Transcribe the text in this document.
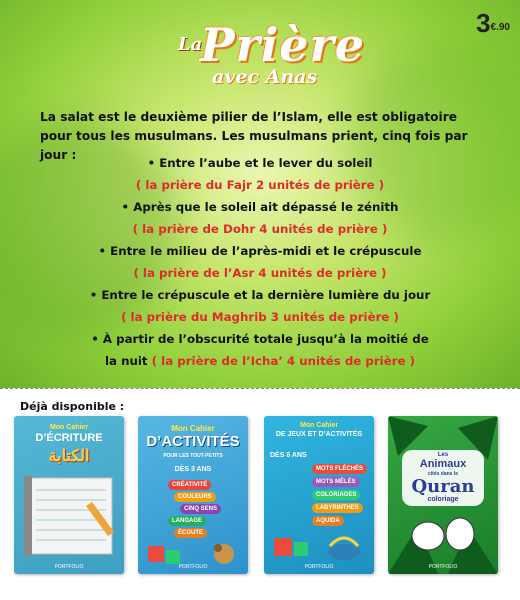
3€.90
La
Prière
avec Anas
La salat est le deuxième pilier de l’Islam, elle est obligatoire pour tous les musulmans. Les musulmans prient, cinq fois par jour :
• Entre l’aube et le lever du soleil
( la prière du Fajr 2 unités de prière )
• Après que le soleil ait dépassé le zénith
( la prière de Dohr 4 unités de prière )
• Entre le milieu de l’après-midi et le crépuscule
( la prière de l’Asr 4 unités de prière )
• Entre le crépuscule et la dernière lumière du jour
( la prière du Maghrib 3 unités de prière )
• À partir de l’obscurité totale jusqu’à la moitié de
la nuit ( la prière de l’Icha’ 4 unités de prière )
Déjà disponible :
Mon Cahier
D’ÉCRITURE
الكتابة
PORTFOLIO
Mon Cahier
D’ACTIVITÉS
POUR LES TOUT-PETITS
DÈS 3 ANS
CRÉATIVITÉ
COULEURS
CINQ SENS
LANGAGE
ÉCOUTE
PORTFOLIO
Mon Cahier
DE JEUX ET D’ACTIVITÉS
DÈS 6 ANS
MOTS FLÉCHÉS
MOTS MÊLÉS
COLORIAGES
LABYRINTHES
AQUIDA
PORTFOLIO
Les
Animaux
cités dans le
Quran
coloriage
PORTFOLIO
